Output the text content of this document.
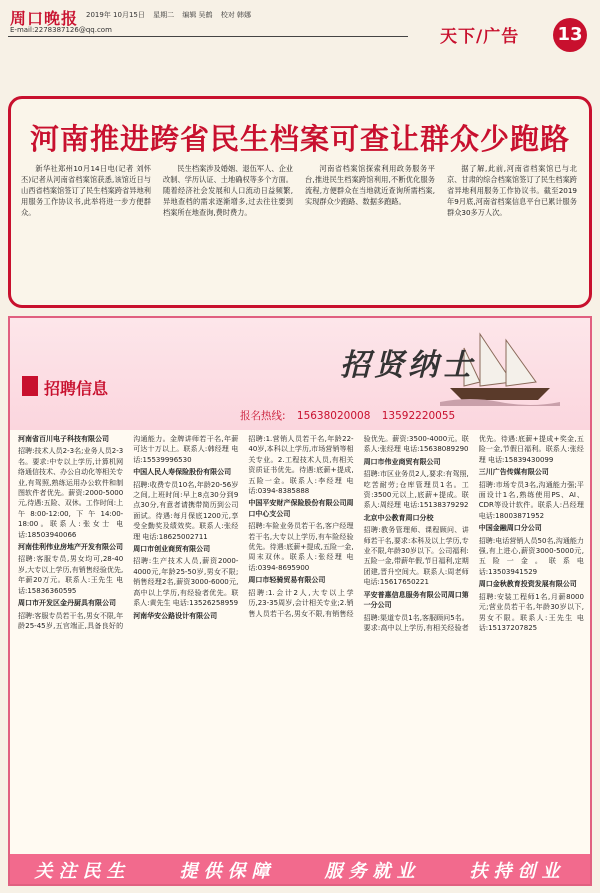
周口晚报 2019年 10月15日 星期二 编辑 吴鹤 校对 韩娜
E-mail:2278387126@qq.com	天下/广告 13
河南推进跨省民生档案可查让群众少跑路

新华社郑州10月14日电(记者 刘怀丕)记者从河南省档案馆获悉,该馆近日与山西省档案馆签订了民生档案跨省异地利用服务工作协议书,此举将进一步方便群众。

民生档案涉及婚姻、退伍军人、企业改制、学历认证、土地确权等多个方面。随着经济社会发展和人口流动日益频繁,异地查档的需求逐渐增多,过去往往要到档案所在地查询,费时费力。

河南省档案馆探索利用政务服务平台,推进民生档案跨馆利用,不断优化服务流程,方便群众在当地就近查询所需档案,实现群众少跑路、数据多跑路。

据了解,此前,河南省档案馆已与北京、甘肃的综合档案馆签订了民生档案跨省异地利用服务工作协议书。截至2019年9月底,河南省档案信息平台已累计服务群众30多万人次。

招贤纳士
招聘信息
报名热线: 15638020008 13592220055

河南省百川电子科技有限公司

招聘:技术人员2-3名;业务人员2-3名。要求:中专以上学历,计算机网络通信技术、办公自动化等相关专业,有驾照,熟练运用办公软件和制图软件者优先。薪资:2000-5000元,待遇:五险、双休。工作时间:上午8:00-12:00,下午14:00-18:00。联系人:张女士 电话:18503940066

河南佳利伟业房地产开发有限公司

招聘:客服专员,男女均可,28-40岁,大专以上学历,有销售经验优先,年薪20万元。联系人:王先生 电话:15836360595

周口市开发区金丹厨具有限公司

招聘:客服专员若干名,男女不限,年龄25-45岁,五官端正,具备良好的沟通能力。金牌讲师若干名,年薪可达十万以上。联系人:韩经理 电话:15539996530

中国人民人寿保险股份有限公司

招聘:收费专员10名,年龄20-56岁之间,上班时间:早上8点30分到9点30分,有意者请携带简历到公司面试。待遇:每月保底1200元,享受全勤奖及绩效奖。联系人:张经理 电话:18625002711

周口市创业商贸有限公司

招聘:生产技术人员,薪资2000-4000元,年龄25-50岁,男女不限;销售经理2名,薪资3000-6000元,高中以上学历,有经验者优先。联系人:黄先生 电话:13526258959

河南华安公路设计有限公司

招聘:1.营销人员若干名,年龄22-40岁,本科以上学历,市场营销等相关专业。2.工程技术人员,有相关资质证书优先。待遇:底薪+提成,五险一金。联系人:李经理 电话:0394-8385888

中国平安财产保险股份有限公司周口中心支公司

招聘:车险业务员若干名,客户经理若干名,大专以上学历,有车险经验优先。待遇:底薪+提成,五险一金,周末双休。联系人:张经理 电话:0394-8695900

周口市轻骑贸易有限公司

招聘:1.会计2人,大专以上学历,23-35周岁,会计相关专业;2.销售人员若干名,男女不限,有销售经验优先。薪资:3500-4000元。联系人:张经理 电话:15638089290

周口市伟业商贸有限公司

招聘:市区业务员2人,要求:有驾照,吃苦耐劳;仓库管理员1名。工资:3500元以上,底薪+提成。联系人:周经理 电话:15138379292

北京中公教育周口分校

招聘:教务管理师、课程顾问、讲师若干名,要求:本科及以上学历,专业不限,年龄30岁以下。公司福利:五险一金,带薪年假,节日福利,定期团建,晋升空间大。联系人:周老师 电话:15617650221

平安普惠信息服务有限公司周口第一分公司

招聘:渠道专员1名,客服顾问5名。要求:高中以上学历,有相关经验者优先。待遇:底薪+提成+奖金,五险一金,节假日福利。联系人:张经理 电话:15839430099

三川广告传媒有限公司

招聘:市场专员3名,沟通能力强;平面设计1名,熟练使用PS、AI、CDR等设计软件。联系人:吕经理 电话:18003871952

中国金融周口分公司

招聘:电话营销人员50名,沟通能力强,有上进心,薪资3000-5000元,五险一金。联系电话:13503941529

周口金秋教育投资发展有限公司

招聘:安装工程师1名,月薪8000元;营业员若干名,年龄30岁以下,男女不限。联系人:王先生 电话:15137207825

关注民生	提供保障	服务就业	扶持创业
